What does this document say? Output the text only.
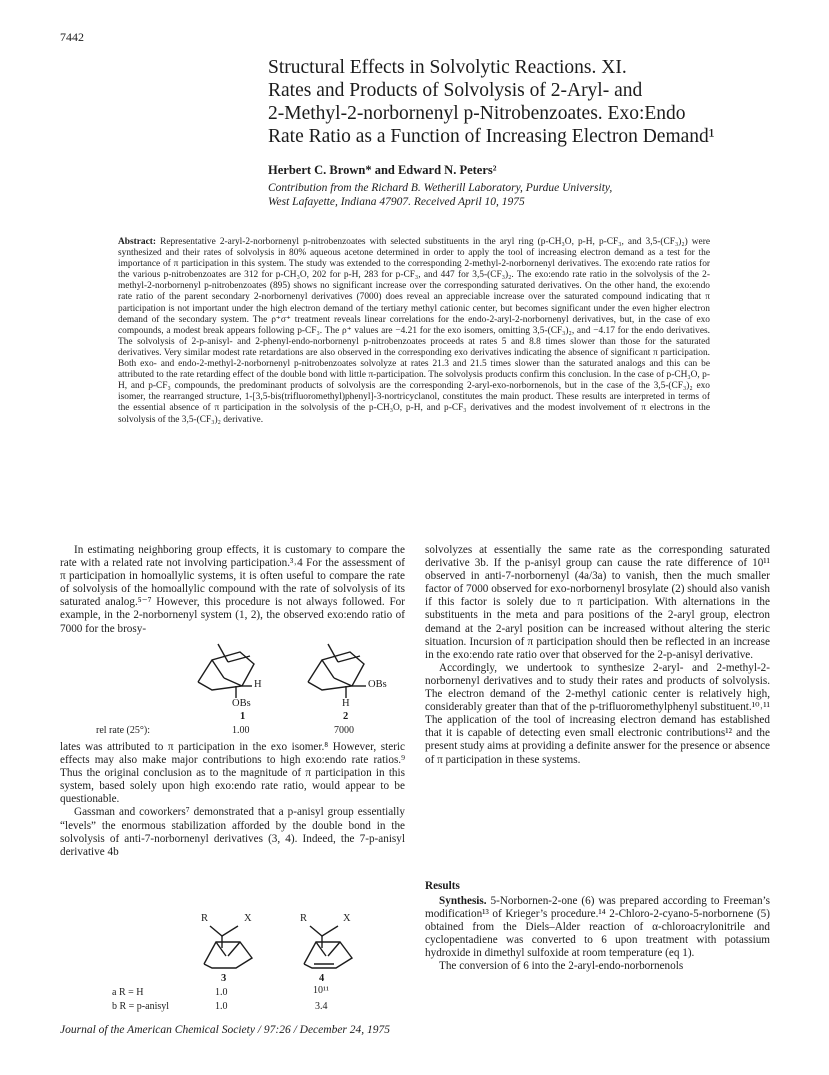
7442
Structural Effects in Solvolytic Reactions. XI.
Rates and Products of Solvolysis of 2-Aryl- and
2-Methyl-2-norbornenyl p-Nitrobenzoates. Exo:Endo
Rate Ratio as a Function of Increasing Electron Demand¹
Herbert C. Brown* and Edward N. Peters²
Contribution from the Richard B. Wetherill Laboratory, Purdue University,
West Lafayette, Indiana 47907. Received April 10, 1975
Abstract: Representative 2-aryl-2-norbornenyl p-nitrobenzoates with selected substituents in the aryl ring (p-CH₃O, p-H, p-CF₃, and 3,5-(CF₃)₂) were synthesized and their rates of solvolysis in 80% aqueous acetone determined in order to apply the tool of increasing electron demand as a test for the importance of π participation in this system. The study was extended to the corresponding 2-methyl-2-norbornenyl derivatives. The exo:endo rate ratios for the various p-nitrobenzoates are 312 for p-CH₃O, 202 for p-H, 283 for p-CF₃, and 447 for 3,5-(CF₃)₂. The exo:endo rate ratio in the solvolysis of the 2-methyl-2-norbornenyl p-nitrobenzoates (895) shows no significant increase over the corresponding saturated derivatives. On the other hand, the exo:endo rate ratio of the parent secondary 2-norbornenyl derivatives (7000) does reveal an appreciable increase over the saturated compound indicating that π participation is not important under the high electron demand of the tertiary methyl cationic center, but becomes significant under the even higher electron demand of the secondary system. The ρ⁺σ⁺ treatment reveals linear correlations for the endo-2-aryl-2-norbornenyl derivatives, but, in the case of exo compounds, a modest break appears following p-CF₃. The ρ⁺ values are −4.21 for the exo isomers, omitting 3,5-(CF₃)₂, and −4.17 for the endo derivatives. The solvolysis of 2-p-anisyl- and 2-phenyl-endo-norbornenyl p-nitrobenzoates proceeds at rates 5 and 8.8 times slower than those for the saturated derivatives. Very similar modest rate retardations are also observed in the corresponding exo derivatives indicating the absence of significant π participation. Both exo- and endo-2-methyl-2-norbornenyl p-nitrobenzoates solvolyze at rates 21.3 and 21.5 times slower than the saturated analogs and this can be attributed to the rate retarding effect of the double bond with little π-participation. The solvolysis products confirm this conclusion. In the case of p-CH₃O, p-H, and p-CF₃ compounds, the predominant products of solvolysis are the corresponding 2-aryl-exo-norbornenols, but in the case of the 3,5-(CF₃)₂ exo isomer, the rearranged structure, 1-[3,5-bis(trifluoromethyl)phenyl]-3-nortricyclanol, constitutes the main product. These results are interpreted in terms of the essential absence of π participation in the solvolysis of the p-CH₃O, p-H, and p-CF₃ derivatives and the modest involvement of π electrons in the solvolysis of the 3,5-(CF₃)₂ derivative.

In estimating neighboring group effects, it is customary to compare the rate with a related rate not involving participation.³˒4 For the assessment of π participation in homoallylic systems, it is often useful to compare the rate of solvolysis of the homoallylic compound with the rate of solvolysis of its saturated analog.⁵⁻⁷ However, this procedure is not always followed. For example, in the 2-norbornenyl system (1, 2), the observed exo:endo ratio of 7000 for the brosy-

H
OBs
OBs
H
1	2
rel rate (25°):	1.00	7000

lates was attributed to π participation in the exo isomer.⁸ However, steric effects may also make major contributions to high exo:endo rate ratios.⁹ Thus the original conclusion as to the magnitude of π participation in this system, based solely upon high exo:endo rate ratio, would appear to be questionable.

Gassman and coworkers⁷ demonstrated that a p-anisyl group essentially “levels” the enormous stabilization afforded by the double bond in the solvolysis of anti-7-norbornenyl derivatives (3, 4). Indeed, the 7-p-anisyl derivative 4b

R	X	R	X
3	4
a R = H	1.0	10¹¹
b R = p-anisyl	1.0	3.4

solvolyzes at essentially the same rate as the corresponding saturated derivative 3b. If the p-anisyl group can cause the rate difference of 10¹¹ observed in anti-7-norbornenyl (4a/3a) to vanish, then the much smaller factor of 7000 observed for exo-norbornenyl brosylate (2) should also vanish if this factor is solely due to π participation. With alternations in the substituents in the meta and para positions of the 2-aryl group, electron demand at the 2-aryl position can be increased without altering the steric situation. Incursion of π participation should then be reflected in an increase in the exo:endo rate ratio over that observed for the 2-p-anisyl derivative.

Accordingly, we undertook to synthesize 2-aryl- and 2-methyl-2-norbornenyl derivatives and to study their rates and products of solvolysis. The electron demand of the 2-methyl cationic center is relatively high, considerably greater than that of the p-trifluoromethylphenyl substituent.¹⁰˒¹¹ The application of the tool of increasing electron demand has established that it is capable of detecting even small electronic contributions¹² and the present study aims at providing a definite answer for the presence or absence of π participation in these systems.

Results

Synthesis. 5-Norbornen-2-one (6) was prepared according to Freeman’s modification¹³ of Krieger’s procedure.¹⁴ 2-Chloro-2-cyano-5-norbornene (5) obtained from the Diels–Alder reaction of α-chloroacrylonitrile and cyclopentadiene was converted to 6 upon treatment with potassium hydroxide in dimethyl sulfoxide at room temperature (eq 1).

The conversion of 6 into the 2-aryl-endo-norbornenols

Journal of the American Chemical Society / 97:26 / December 24, 1975
